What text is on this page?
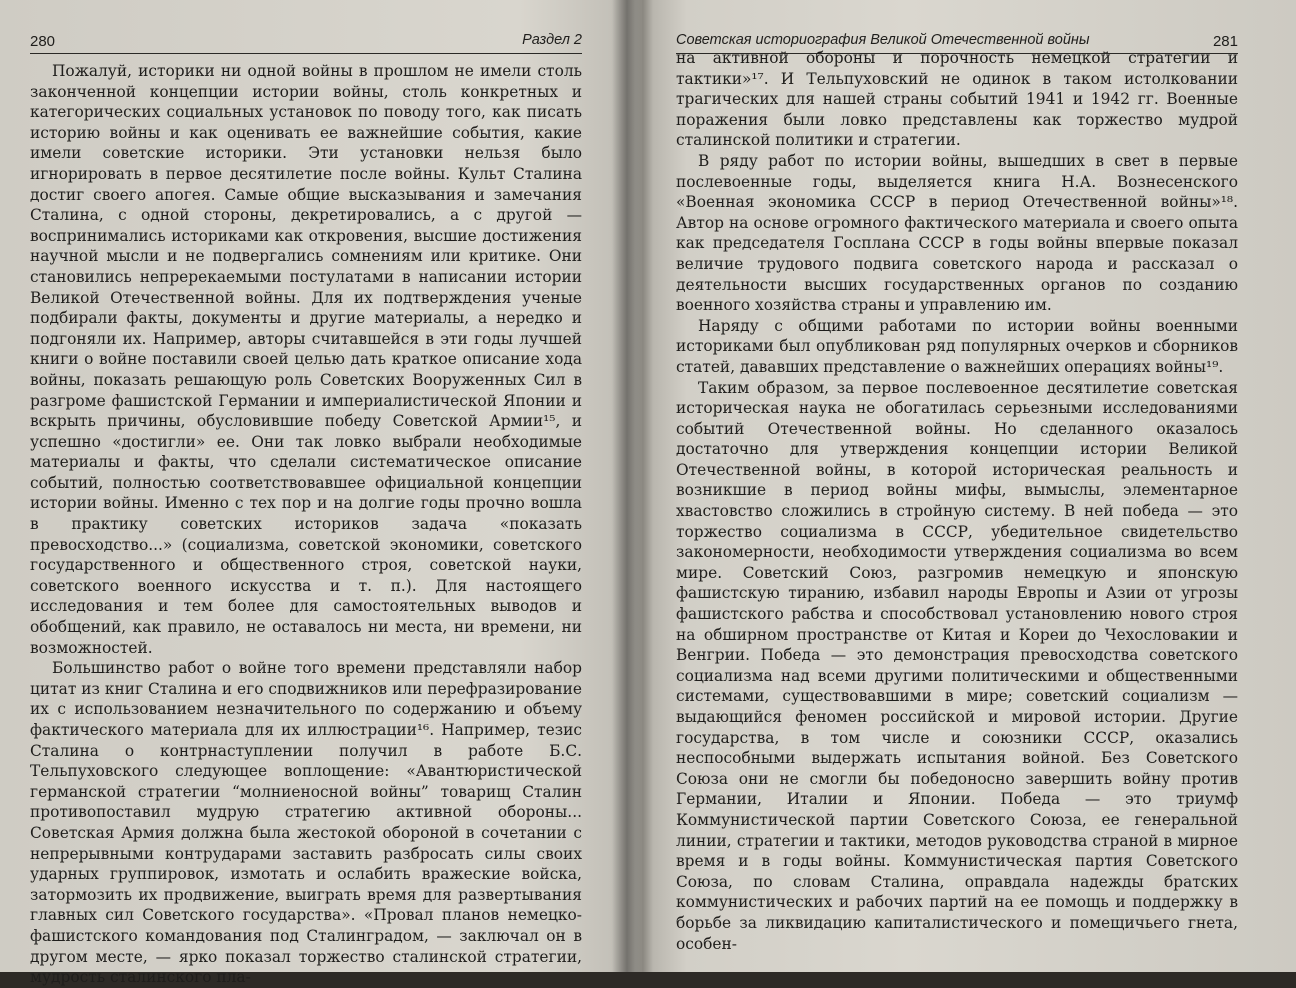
280	Раздел 2

Пожалуй, историки ни одной войны в прошлом не имели столь законченной концепции истории войны, столь конкретных и категорических социальных установок по поводу того, как писать историю войны и как оценивать ее важнейшие события, какие имели советские историки. Эти установки нельзя было игнорировать в первое десятилетие после войны. Культ Сталина достиг своего апогея. Самые общие высказывания и замечания Сталина, с одной стороны, декретировались, а с другой — воспринимались историками как откровения, высшие достижения научной мысли и не подвергались сомнениям или критике. Они становились непререкаемыми постулатами в написании истории Великой Отечественной войны. Для их подтверждения ученые подбирали факты, документы и другие материалы, а нередко и подгоняли их. Например, авторы считавшейся в эти годы лучшей книги о войне поставили своей целью дать краткое описание хода войны, показать решающую роль Советских Вооруженных Сил в разгроме фашистской Германии и империалистической Японии и вскрыть причины, обусловившие победу Советской Армии¹⁵, и успешно «достигли» ее. Они так ловко выбрали необходимые материалы и факты, что сделали систематическое описание событий, полностью соответствовавшее официальной концепции истории войны. Именно с тех пор и на долгие годы прочно вошла в практику советских историков задача «показать превосходство...» (социализма, советской экономики, советского государственного и общественного строя, советской науки, советского военного искусства и т. п.). Для настоящего исследования и тем более для самостоятельных выводов и обобщений, как правило, не оставалось ни места, ни времени, ни возможностей.

Большинство работ о войне того времени представляли набор цитат из книг Сталина и его сподвижников или перефразирование их с использованием незначительного по содержанию и объему фактического материала для их иллюстрации¹⁶. Например, тезис Сталина о контрнаступлении получил в работе Б.С. Тельпуховского следующее воплощение: «Авантюристической германской стратегии “молниеносной войны” товарищ Сталин противопоставил мудрую стратегию активной обороны... Советская Армия должна была жестокой обороной в сочетании с непрерывными контрударами заставить разбросать силы своих ударных группировок, измотать и ослабить вражеские войска, затормозить их продвижение, выиграть время для развертывания главных сил Советского государства». «Провал планов немецко-фашистского командования под Сталинградом, — заключал он в другом месте, — ярко показал торжество сталинской стратегии, мудрость сталинского пла-

Советская историография Великой Отечественной войны	281

на активной обороны и порочность немецкой стратегии и тактики»¹⁷. И Тельпуховский не одинок в таком истолковании трагических для нашей страны событий 1941 и 1942 гг. Военные поражения были ловко представлены как торжество мудрой сталинской политики и стратегии.

В ряду работ по истории войны, вышедших в свет в первые послевоенные годы, выделяется книга Н.А. Вознесенского «Военная экономика СССР в период Отечественной войны»¹⁸. Автор на основе огромного фактического материала и своего опыта как председателя Госплана СССР в годы войны впервые показал величие трудового подвига советского народа и рассказал о деятельности высших государственных органов по созданию военного хозяйства страны и управлению им.

Наряду с общими работами по истории войны военными историками был опубликован ряд популярных очерков и сборников статей, дававших представление о важнейших операциях войны¹⁹.

Таким образом, за первое послевоенное десятилетие советская историческая наука не обогатилась серьезными исследованиями событий Отечественной войны. Но сделанного оказалось достаточно для утверждения концепции истории Великой Отечественной войны, в которой историческая реальность и возникшие в период войны мифы, вымыслы, элементарное хвастовство сложились в стройную систему. В ней победа — это торжество социализма в СССР, убедительное свидетельство закономерности, необходимости утверждения социализма во всем мире. Советский Союз, разгромив немецкую и японскую фашистскую тиранию, избавил народы Европы и Азии от угрозы фашистского рабства и способствовал установлению нового строя на обширном пространстве от Китая и Кореи до Чехословакии и Венгрии. Победа — это демонстрация превосходства советского социализма над всеми другими политическими и общественными системами, существовавшими в мире; советский социализм — выдающийся феномен российской и мировой истории. Другие государства, в том числе и союзники СССР, оказались неспособными выдержать испытания войной. Без Советского Союза они не смогли бы победоносно завершить войну против Германии, Италии и Японии. Победа — это триумф Коммунистической партии Советского Союза, ее генеральной линии, стратегии и тактики, методов руководства страной в мирное время и в годы войны. Коммунистическая партия Советского Союза, по словам Сталина, оправдала надежды братских коммунистических и рабочих партий на ее помощь и поддержку в борьбе за ликвидацию капиталистического и помещичьего гнета, особен-
